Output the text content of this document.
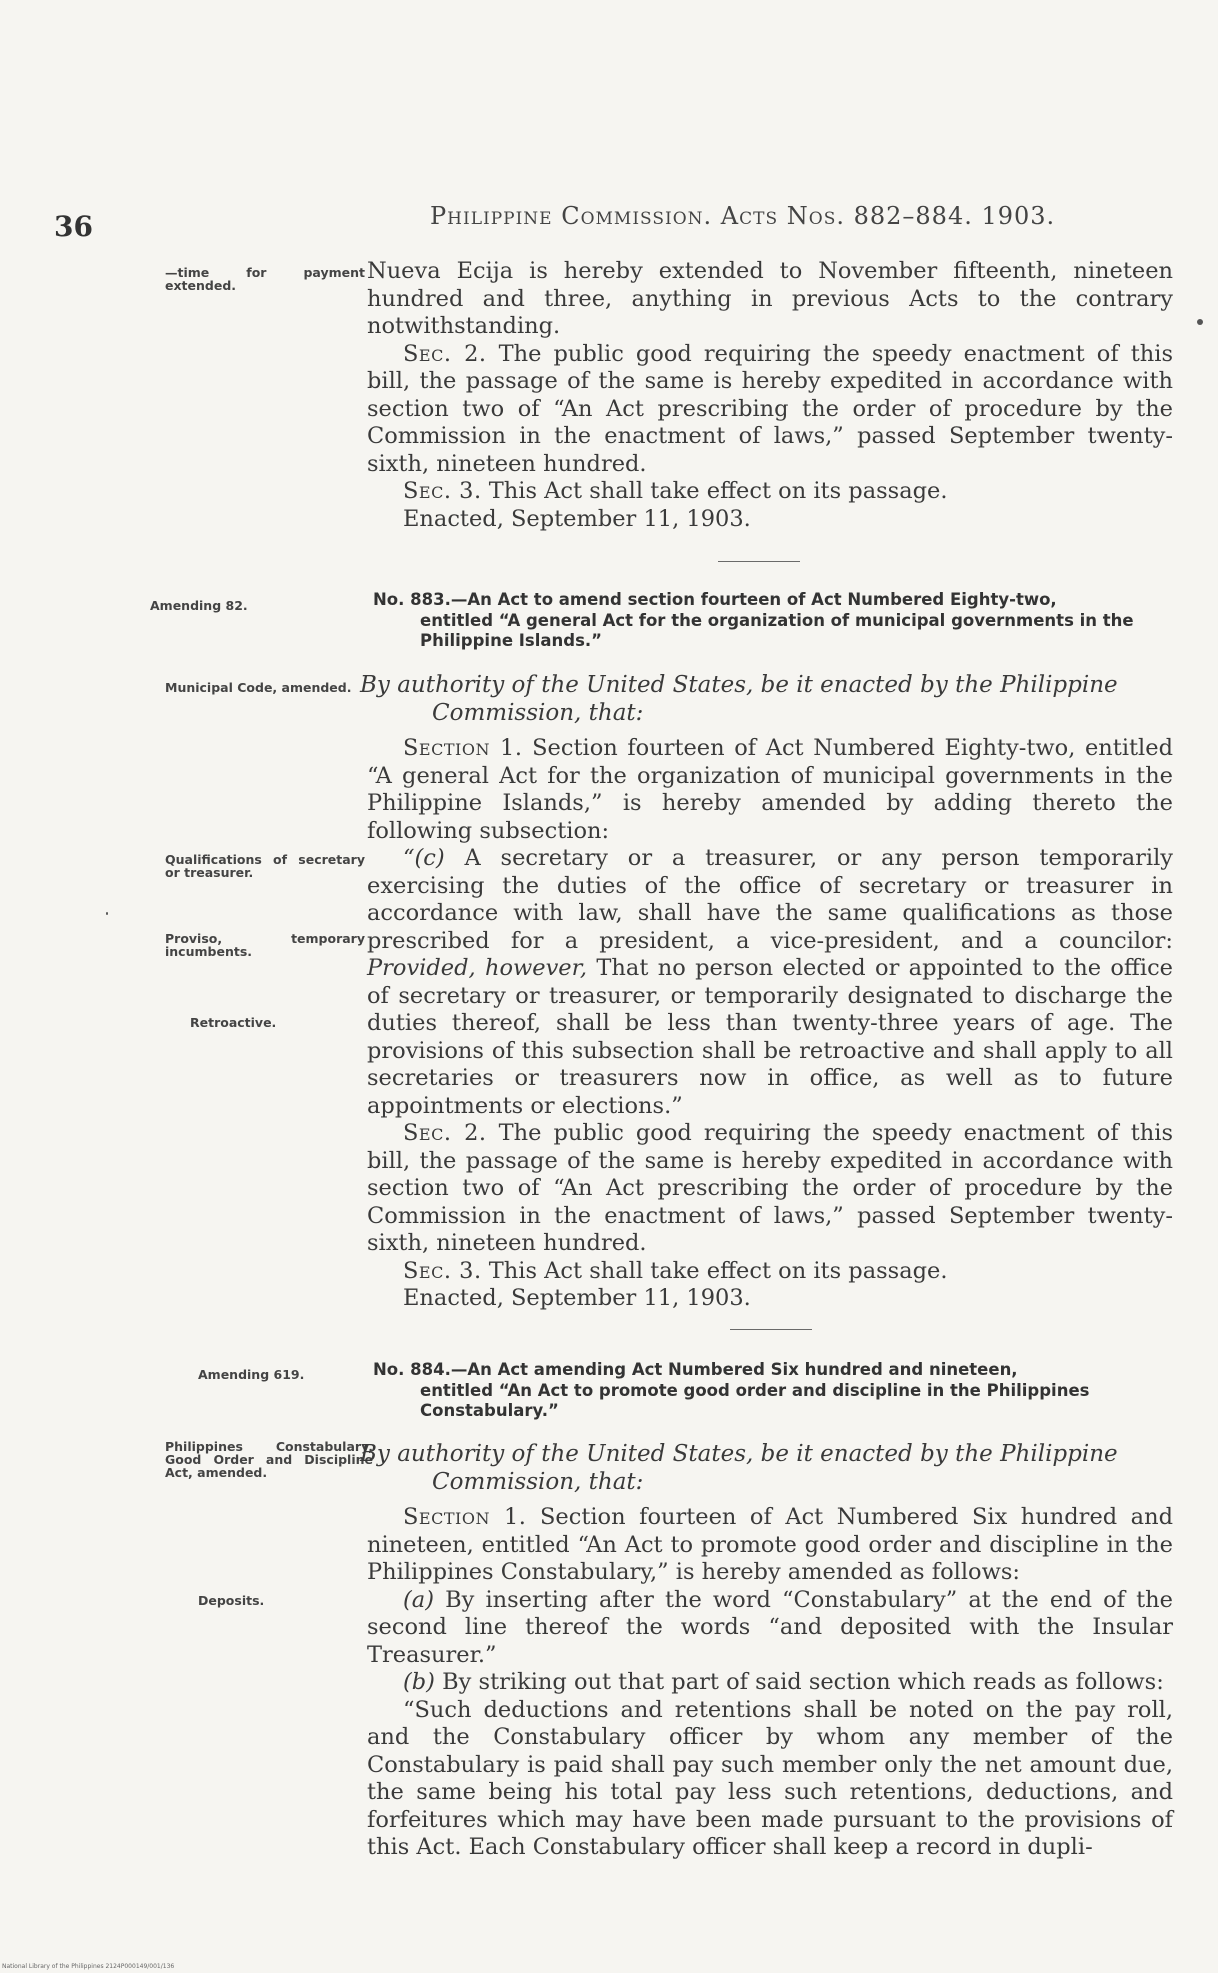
36	Philippine Commission. Acts Nos. 882–884. 1903.
—time for payment extended.

Nueva Ecija is hereby extended to November fifteenth, nineteen hundred and three, anything in previous Acts to the contrary notwithstanding.

Sec. 2. The public good requiring the speedy enactment of this bill, the passage of the same is hereby expedited in accordance with section two of “An Act prescribing the order of procedure by the Commission in the enactment of laws,” passed September twenty-sixth, nineteen hundred.

Sec. 3. This Act shall take effect on its passage.

Enacted, September 11, 1903.

Amending 82.	No. 883.—An Act to amend section fourteen of Act Numbered Eighty-two,
entitled “A general Act for the organization of municipal governments in the Philippine Islands.”
Municipal Code, amended. By authority of the United States, be it enacted by the Philippine
Commission, that:
Qualifications of secretary or treasurer.
Proviso, temporary incumbents.
Retroactive.

Section 1. Section fourteen of Act Numbered Eighty-two, entitled “A general Act for the organization of municipal governments in the Philippine Islands,” is hereby amended by adding thereto the following subsection:

“(c) A secretary or a treasurer, or any person temporarily exercising the duties of the office of secretary or treasurer in accordance with law, shall have the same qualifications as those prescribed for a president, a vice-president, and a councilor: Provided, however, That no person elected or appointed to the office of secretary or treasurer, or temporarily designated to discharge the duties thereof, shall be less than twenty-three years of age. The provisions of this subsection shall be retroactive and shall apply to all secretaries or treasurers now in office, as well as to future appointments or elections.”

Sec. 2. The public good requiring the speedy enactment of this bill, the passage of the same is hereby expedited in accordance with section two of “An Act prescribing the order of procedure by the Commission in the enactment of laws,” passed September twenty-sixth, nineteen hundred.

Sec. 3. This Act shall take effect on its passage.

Enacted, September 11, 1903.

Amending 619.	No. 884.—An Act amending Act Numbered Six hundred and nineteen,
entitled “An Act to promote good order and discipline in the Philippines Constabulary.”
Philippines Constabulary, Good Order and Discipline Act, amended.
By authority of the United States, be it enacted by the Philippine
Commission, that:
Deposits.

Section 1. Section fourteen of Act Numbered Six hundred and nineteen, entitled “An Act to promote good order and discipline in the Philippines Constabulary,” is hereby amended as follows:

(a) By inserting after the word “Constabulary” at the end of the second line thereof the words “and deposited with the Insular Treasurer.”

(b) By striking out that part of said section which reads as follows:

“Such deductions and retentions shall be noted on the pay roll, and the Constabulary officer by whom any member of the Constabulary is paid shall pay such member only the net amount due, the same being his total pay less such retentions, deductions, and forfeitures which may have been made pursuant to the provisions of this Act. Each Constabulary officer shall keep a record in dupli-

National Library of the Philippines 2124P000149/001/136
